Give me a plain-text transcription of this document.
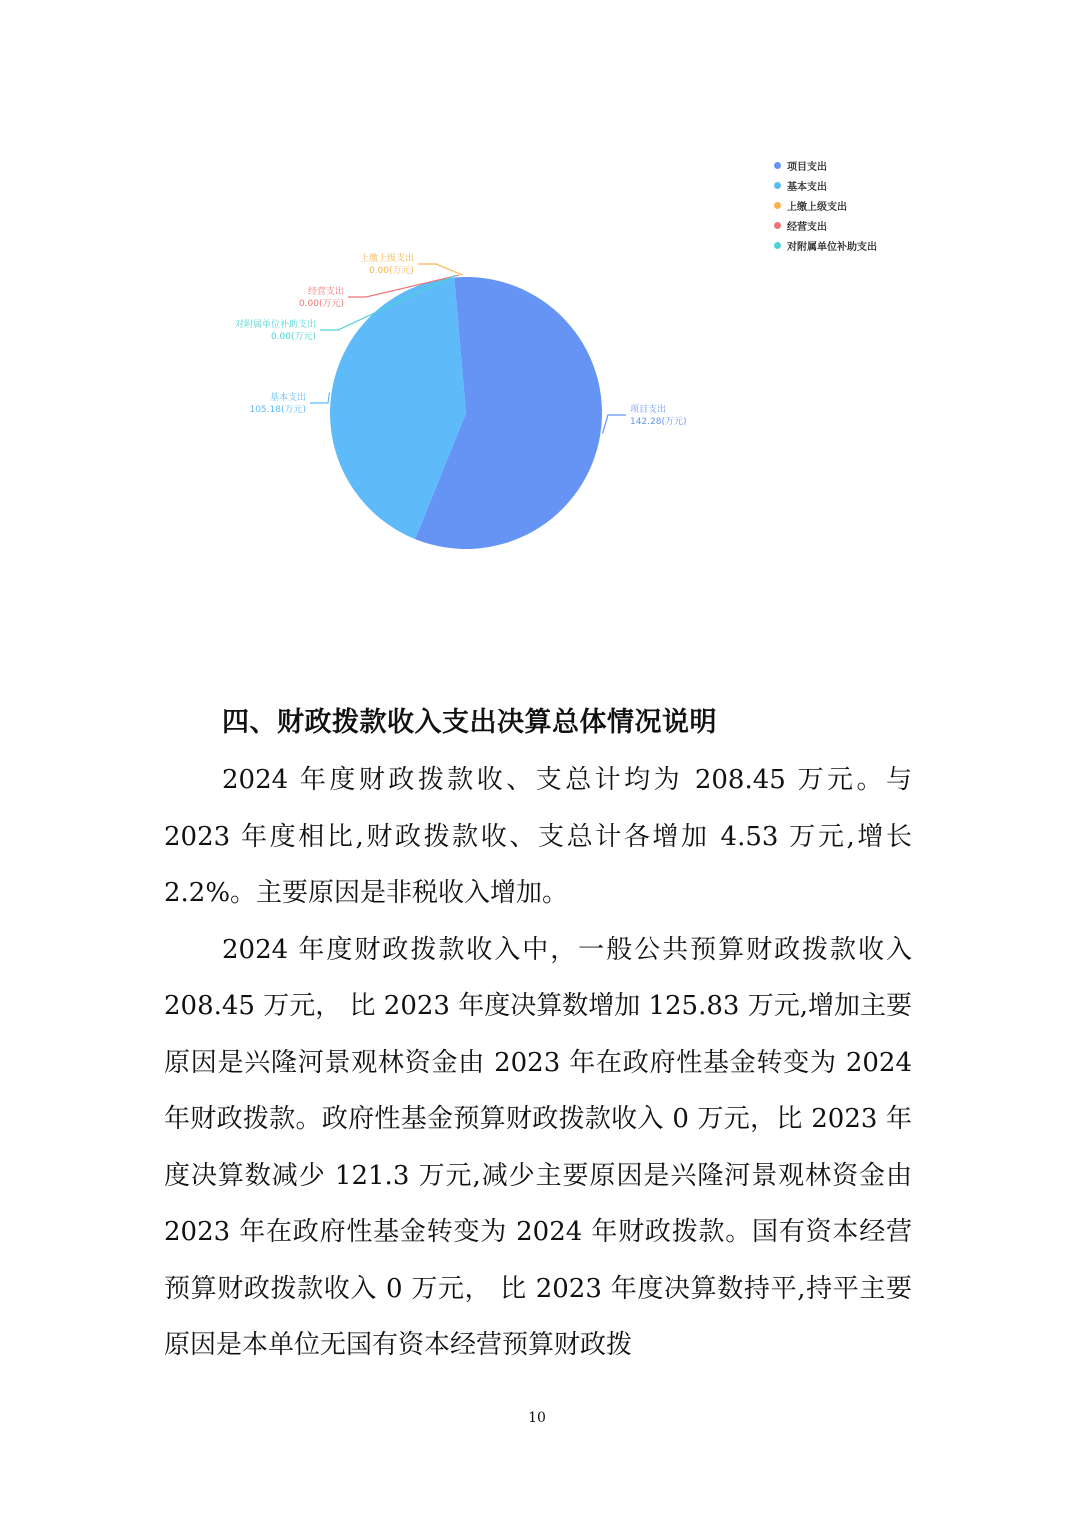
项目支出
142.28(万元)
基本支出
105.18(万元)
上缴上级支出
0.00(万元)
经营支出
0.00(万元)
对附属单位补助支出
0.00(万元)
项目支出
基本支出
上缴上级支出
经营支出
对附属单位补助支出
四、财政拨款收入支出决算总体情况说明

2024 年度财政拨款收、支总计均为 208.45 万元。与 2023 年度相比,财政拨款收、支总计各增加 4.53 万元,增长 2.2%。主要原因是非税收入增加。

2024 年度财政拨款收入中，一般公共预算财政拨款收入 208.45 万元， 比 2023 年度决算数增加 125.83 万元,增加主要原因是兴隆河景观林资金由 2023 年在政府性基金转变为 2024 年财政拨款。政府性基金预算财政拨款收入 0 万元，比 2023 年度决算数减少 121.3 万元,减少主要原因是兴隆河景观林资金由 2023 年在政府性基金转变为 2024 年财政拨款。国有资本经营预算财政拨款收入 0 万元， 比 2023 年度决算数持平,持平主要原因是本单位无国有资本经营预算财政拨

10
